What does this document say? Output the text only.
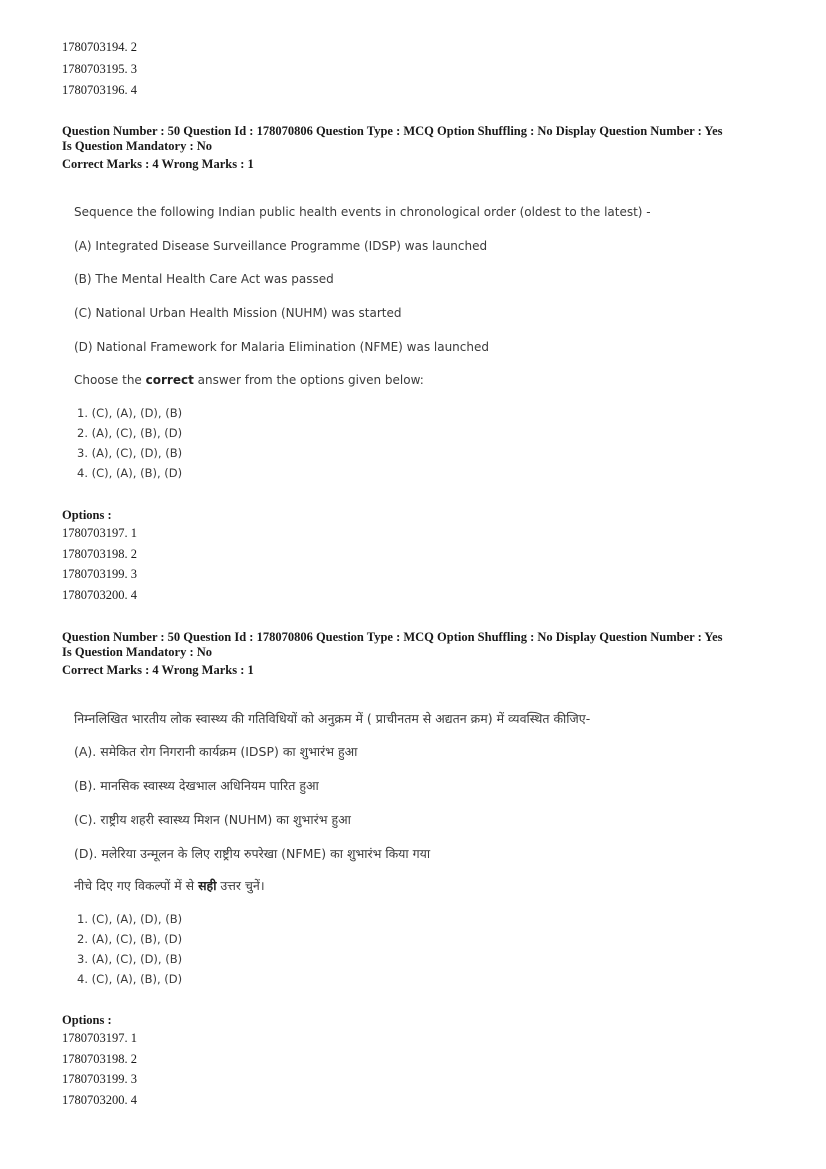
1780703194. 2
1780703195. 3
1780703196. 4
Question Number : 50 Question Id : 178070806 Question Type : MCQ Option Shuffling : No Display Question Number : Yes
Is Question Mandatory : No
Correct Marks : 4 Wrong Marks : 1
Sequence the following Indian public health events in chronological order (oldest to the latest) -
(A) Integrated Disease Surveillance Programme (IDSP) was launched
(B) The Mental Health Care Act was passed
(C) National Urban Health Mission (NUHM) was started
(D) National Framework for Malaria Elimination (NFME) was launched
Choose the correct answer from the options given below:
1. (C), (A), (D), (B)
2. (A), (C), (B), (D)
3. (A), (C), (D), (B)
4. (C), (A), (B), (D)
Options :
1780703197. 1
1780703198. 2
1780703199. 3
1780703200. 4
Question Number : 50 Question Id : 178070806 Question Type : MCQ Option Shuffling : No Display Question Number : Yes
Is Question Mandatory : No
Correct Marks : 4 Wrong Marks : 1
निम्नलिखित भारतीय लोक स्वास्थ्य की गतिविधियों को अनुक्रम में ( प्राचीनतम से अद्यतन क्रम) में व्यवस्थित कीजिए-
(A). समेकित रोग निगरानी कार्यक्रम (IDSP) का शुभारंभ हुआ
(B). मानसिक स्वास्थ्य देखभाल अधिनियम पारित हुआ
(C). राष्ट्रीय शहरी स्वास्थ्य मिशन (NUHM) का शुभारंभ हुआ
(D). मलेरिया उन्मूलन के लिए राष्ट्रीय रुपरेखा (NFME) का शुभारंभ किया गया
नीचे दिए गए विकल्पों में से सही उत्तर चुनें।
1. (C), (A), (D), (B)
2. (A), (C), (B), (D)
3. (A), (C), (D), (B)
4. (C), (A), (B), (D)
Options :
1780703197. 1
1780703198. 2
1780703199. 3
1780703200. 4
